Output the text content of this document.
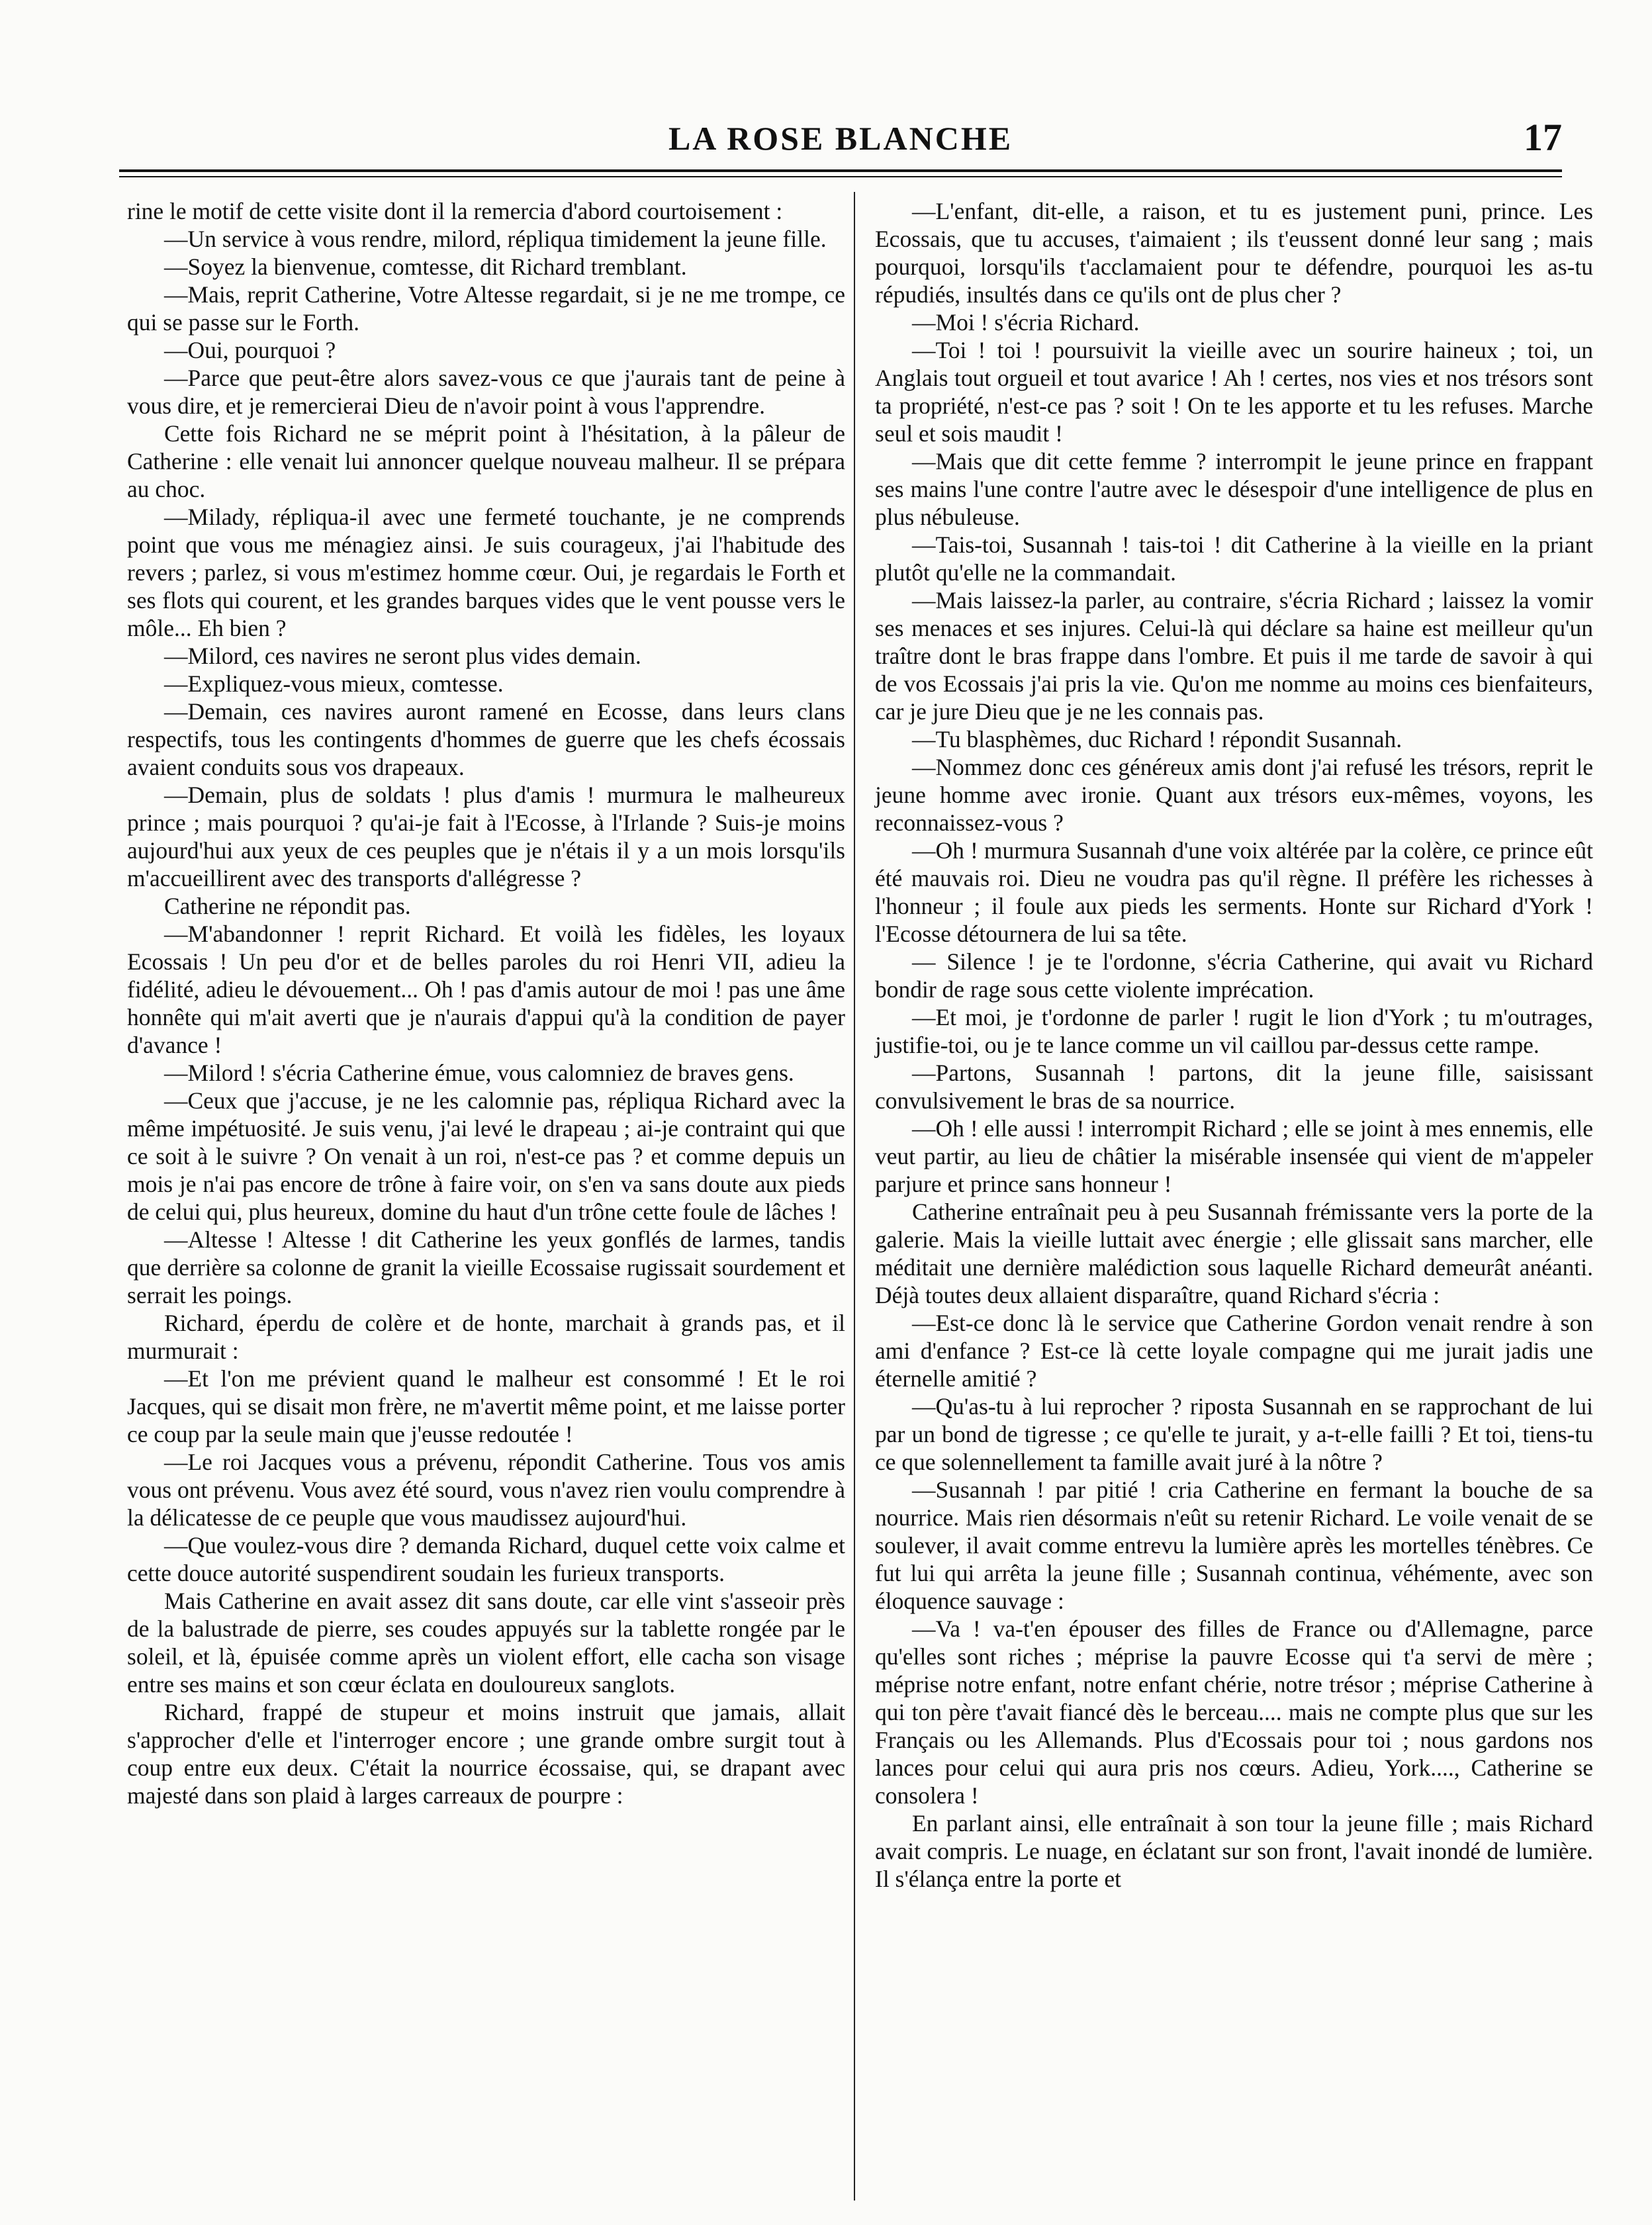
LA ROSE BLANCHE	17

rine le motif de cette visite dont il la remercia d'abord courtoisement :

—Un service à vous rendre, milord, répliqua timidement la jeune fille.

—Soyez la bienvenue, comtesse, dit Richard tremblant.

—Mais, reprit Catherine, Votre Altesse regardait, si je ne me trompe, ce qui se passe sur le Forth.

—Oui, pourquoi ?

—Parce que peut-être alors savez-vous ce que j'aurais tant de peine à vous dire, et je remercierai Dieu de n'avoir point à vous l'apprendre.

Cette fois Richard ne se méprit point à l'hésitation, à la pâleur de Catherine : elle venait lui annoncer quelque nouveau malheur. Il se prépara au choc.

—Milady, répliqua-il avec une fermeté touchante, je ne comprends point que vous me ménagiez ainsi. Je suis courageux, j'ai l'habitude des revers ; parlez, si vous m'estimez homme cœur. Oui, je regardais le Forth et ses flots qui courent, et les grandes barques vides que le vent pousse vers le môle... Eh bien ?

—Milord, ces navires ne seront plus vides demain.

—Expliquez-vous mieux, comtesse.

—Demain, ces navires auront ramené en Ecosse, dans leurs clans respectifs, tous les contingents d'hommes de guerre que les chefs écossais avaient conduits sous vos drapeaux.

—Demain, plus de soldats ! plus d'amis ! murmura le malheureux prince ; mais pourquoi ? qu'ai-je fait à l'Ecosse, à l'Irlande ? Suis-je moins aujourd'hui aux yeux de ces peuples que je n'étais il y a un mois lorsqu'ils m'accueillirent avec des transports d'allégresse ?

Catherine ne répondit pas.

—M'abandonner ! reprit Richard. Et voilà les fidèles, les loyaux Ecossais ! Un peu d'or et de belles paroles du roi Henri VII, adieu la fidélité, adieu le dévouement... Oh ! pas d'amis autour de moi ! pas une âme honnête qui m'ait averti que je n'aurais d'appui qu'à la condition de payer d'avance !

—Milord ! s'écria Catherine émue, vous calomniez de braves gens.

—Ceux que j'accuse, je ne les calomnie pas, répliqua Richard avec la même impétuosité. Je suis venu, j'ai levé le drapeau ; ai-je contraint qui que ce soit à le suivre ? On venait à un roi, n'est-ce pas ? et comme depuis un mois je n'ai pas encore de trône à faire voir, on s'en va sans doute aux pieds de celui qui, plus heureux, domine du haut d'un trône cette foule de lâches !

—Altesse ! Altesse ! dit Catherine les yeux gonflés de larmes, tandis que derrière sa colonne de granit la vieille Ecossaise rugissait sourdement et serrait les poings.

Richard, éperdu de colère et de honte, marchait à grands pas, et il murmurait :

—Et l'on me prévient quand le malheur est consommé ! Et le roi Jacques, qui se disait mon frère, ne m'avertit même point, et me laisse porter ce coup par la seule main que j'eusse redoutée !

—Le roi Jacques vous a prévenu, répondit Catherine. Tous vos amis vous ont prévenu. Vous avez été sourd, vous n'avez rien voulu comprendre à la délicatesse de ce peuple que vous maudissez aujourd'hui.

—Que voulez-vous dire ? demanda Richard, duquel cette voix calme et cette douce autorité suspendirent soudain les furieux transports.

Mais Catherine en avait assez dit sans doute, car elle vint s'asseoir près de la balustrade de pierre, ses coudes appuyés sur la tablette rongée par le soleil, et là, épuisée comme après un violent effort, elle cacha son visage entre ses mains et son cœur éclata en douloureux sanglots.

Richard, frappé de stupeur et moins instruit que jamais, allait s'approcher d'elle et l'interroger encore ; une grande ombre surgit tout à coup entre eux deux. C'était la nourrice écossaise, qui, se drapant avec majesté dans son plaid à larges carreaux de pourpre :

—L'enfant, dit-elle, a raison, et tu es justement puni, prince. Les Ecossais, que tu accuses, t'aimaient ; ils t'eussent donné leur sang ; mais pourquoi, lorsqu'ils t'acclamaient pour te défendre, pourquoi les as-tu répudiés, insultés dans ce qu'ils ont de plus cher ?

—Moi ! s'écria Richard.

—Toi ! toi ! poursuivit la vieille avec un sourire haineux ; toi, un Anglais tout orgueil et tout avarice ! Ah ! certes, nos vies et nos trésors sont ta propriété, n'est-ce pas ? soit ! On te les apporte et tu les refuses. Marche seul et sois maudit !

—Mais que dit cette femme ? interrompit le jeune prince en frappant ses mains l'une contre l'autre avec le désespoir d'une intelligence de plus en plus nébuleuse.

—Tais-toi, Susannah ! tais-toi ! dit Catherine à la vieille en la priant plutôt qu'elle ne la commandait.

—Mais laissez-la parler, au contraire, s'écria Richard ; laissez la vomir ses menaces et ses injures. Celui-là qui déclare sa haine est meilleur qu'un traître dont le bras frappe dans l'ombre. Et puis il me tarde de savoir à qui de vos Ecossais j'ai pris la vie. Qu'on me nomme au moins ces bienfaiteurs, car je jure Dieu que je ne les connais pas.

—Tu blasphèmes, duc Richard ! répondit Susannah.

—Nommez donc ces généreux amis dont j'ai refusé les trésors, reprit le jeune homme avec ironie. Quant aux trésors eux-mêmes, voyons, les reconnaissez-vous ?

—Oh ! murmura Susannah d'une voix altérée par la colère, ce prince eût été mauvais roi. Dieu ne voudra pas qu'il règne. Il préfère les richesses à l'honneur ; il foule aux pieds les serments. Honte sur Richard d'York ! l'Ecosse détournera de lui sa tête.

— Silence ! je te l'ordonne, s'écria Catherine, qui avait vu Richard bondir de rage sous cette violente imprécation.

—Et moi, je t'ordonne de parler ! rugit le lion d'York ; tu m'outrages, justifie-toi, ou je te lance comme un vil caillou par-dessus cette rampe.

—Partons, Susannah ! partons, dit la jeune fille, saisissant convulsivement le bras de sa nourrice.

—Oh ! elle aussi ! interrompit Richard ; elle se joint à mes ennemis, elle veut partir, au lieu de châtier la misérable insensée qui vient de m'appeler parjure et prince sans honneur !

Catherine entraînait peu à peu Susannah frémissante vers la porte de la galerie. Mais la vieille luttait avec énergie ; elle glissait sans marcher, elle méditait une dernière malédiction sous laquelle Richard demeurât anéanti. Déjà toutes deux allaient disparaître, quand Richard s'écria :

—Est-ce donc là le service que Catherine Gordon venait rendre à son ami d'enfance ? Est-ce là cette loyale compagne qui me jurait jadis une éternelle amitié ?

—Qu'as-tu à lui reprocher ? riposta Susannah en se rapprochant de lui par un bond de tigresse ; ce qu'elle te jurait, y a-t-elle failli ? Et toi, tiens-tu ce que solennellement ta famille avait juré à la nôtre ?

—Susannah ! par pitié ! cria Catherine en fermant la bouche de sa nourrice. Mais rien désormais n'eût su retenir Richard. Le voile venait de se soulever, il avait comme entrevu la lumière après les mortelles ténèbres. Ce fut lui qui arrêta la jeune fille ; Susannah continua, véhémente, avec son éloquence sauvage :

—Va ! va-t'en épouser des filles de France ou d'Allemagne, parce qu'elles sont riches ; méprise la pauvre Ecosse qui t'a servi de mère ; méprise notre enfant, notre enfant chérie, notre trésor ; méprise Catherine à qui ton père t'avait fiancé dès le berceau.... mais ne compte plus que sur les Français ou les Allemands. Plus d'Ecossais pour toi ; nous gardons nos lances pour celui qui aura pris nos cœurs. Adieu, York...., Catherine se consolera !

En parlant ainsi, elle entraînait à son tour la jeune fille ; mais Richard avait compris. Le nuage, en éclatant sur son front, l'avait inondé de lumière. Il s'élança entre la porte et
